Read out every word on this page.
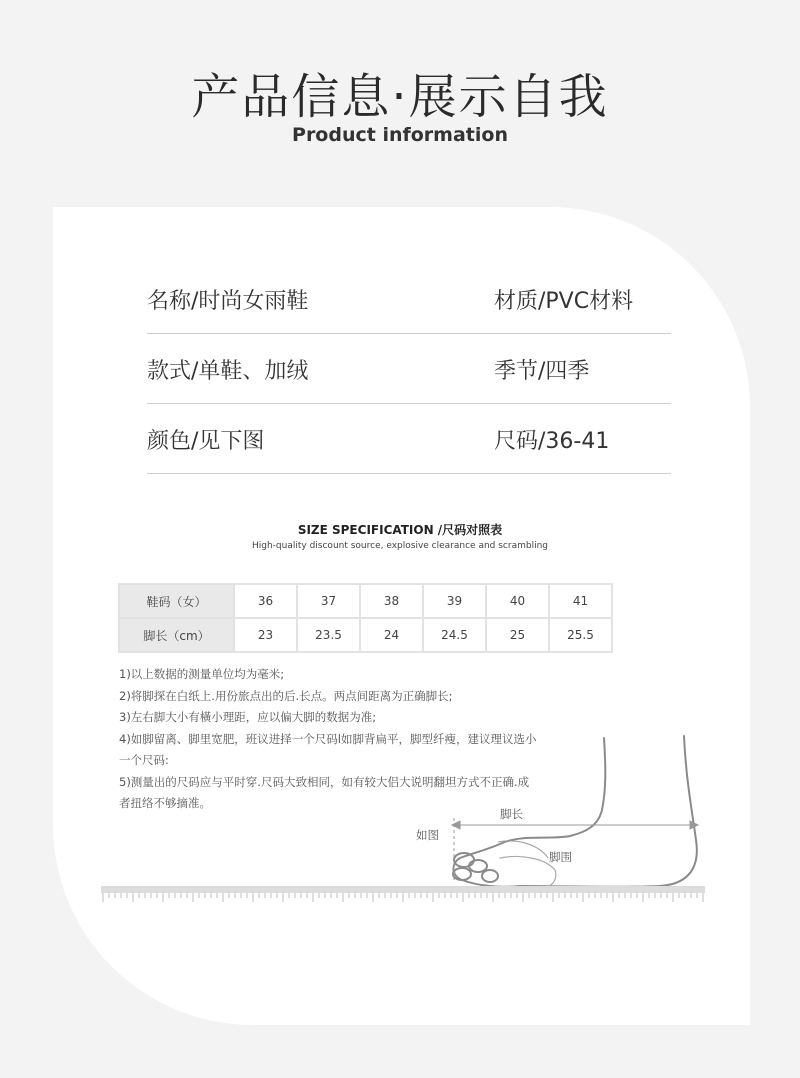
产品信息·展示自我
Product information
名称/时尚女雨鞋	材质/PVC材料
款式/单鞋、加绒	季节/四季
颜色/见下图	尺码/36-41
SIZE SPECIFICATION /尺码对照表
High-quality discount source, explosive clearance and scrambling
鞋码（女）	36	37	38	39	40	41
脚长（cm）	23	23.5	24	24.5	25	25.5
1)以上数据的测量单位均为毫米;
2)将脚探在白纸上.用份旅点出的后.长点。两点间距离为正确脚长;
3)左右脚大小有橫小理距，应以偏大脚的数据为准;
4)如脚留离、脚里宽肥，班议进择一个尺码l如脚背扁平，脚型纤瘦，建议理议选小一个尺码:
5)测量出的尺码应与平时穿.尺码大致相同，如有较大侣大说明翻坦方式不正确.成者扭络不够摘准。
如图
脚长
脚围
